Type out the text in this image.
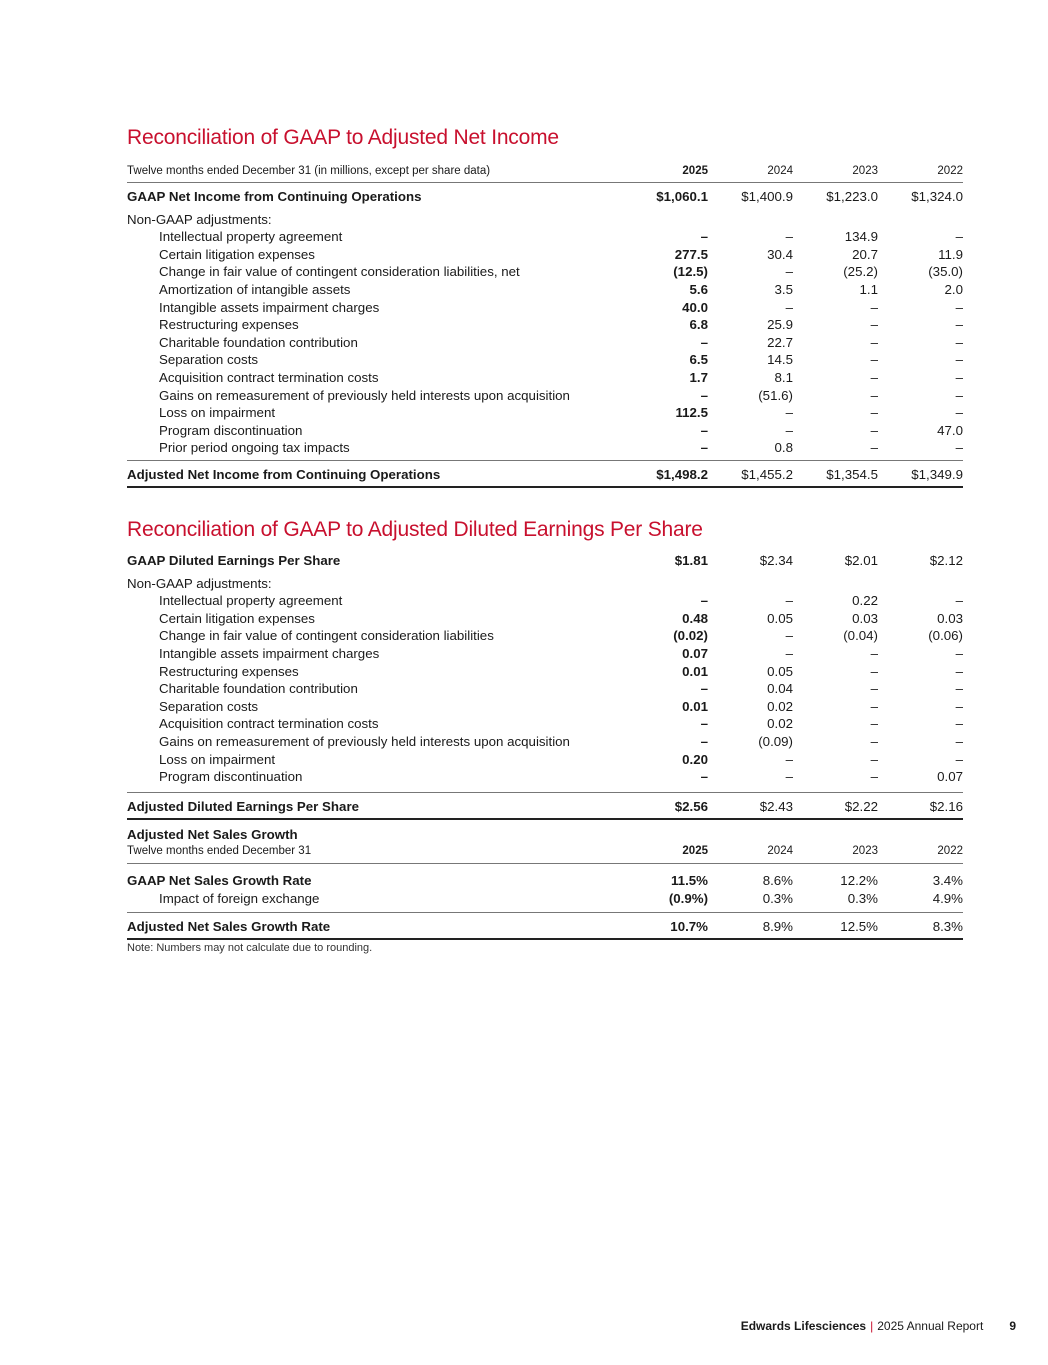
Reconciliation of GAAP to Adjusted Net Income
Twelve months ended December 31 (in millions, except per share data)	2025	2024	2023	2022
GAAP Net Income from Continuing Operations	$1,060.1	$1,400.9	$1,223.0	$1,324.0
Non-GAAP adjustments:
Intellectual property agreement	–	–	134.9	–
Certain litigation expenses	277.5	30.4	20.7	11.9
Change in fair value of contingent consideration liabilities, net	(12.5)	–	(25.2)	(35.0)
Amortization of intangible assets	5.6	3.5	1.1	2.0
Intangible assets impairment charges	40.0	–	–	–
Restructuring expenses	6.8	25.9	–	–
Charitable foundation contribution	–	22.7	–	–
Separation costs	6.5	14.5	–	–
Acquisition contract termination costs	1.7	8.1	–	–
Gains on remeasurement of previously held interests upon acquisition	–	(51.6)	–	–
Loss on impairment	112.5	–	–	–
Program discontinuation	–	–	–	47.0
Prior period ongoing tax impacts	–	0.8	–	–
Adjusted Net Income from Continuing Operations	$1,498.2	$1,455.2	$1,354.5	$1,349.9
Reconciliation of GAAP to Adjusted Diluted Earnings Per Share
GAAP Diluted Earnings Per Share	$1.81	$2.34	$2.01	$2.12
Non-GAAP adjustments:
Intellectual property agreement	–	–	0.22	–
Certain litigation expenses	0.48	0.05	0.03	0.03
Change in fair value of contingent consideration liabilities	(0.02)	–	(0.04)	(0.06)
Intangible assets impairment charges	0.07	–	–	–
Restructuring expenses	0.01	0.05	–	–
Charitable foundation contribution	–	0.04	–	–
Separation costs	0.01	0.02	–	–
Acquisition contract termination costs	–	0.02	–	–
Gains on remeasurement of previously held interests upon acquisition	–	(0.09)	–	–
Loss on impairment	0.20	–	–	–
Program discontinuation	–	–	–	0.07
Adjusted Diluted Earnings Per Share	$2.56	$2.43	$2.22	$2.16
Adjusted Net Sales Growth
Twelve months ended December 31	2025	2024	2023	2022
GAAP Net Sales Growth Rate	11.5%	8.6%	12.2%	3.4%
Impact of foreign exchange	(0.9%)	0.3%	0.3%	4.9%
Adjusted Net Sales Growth Rate	10.7%	8.9%	12.5%	8.3%
Note: Numbers may not calculate due to rounding.
Edwards Lifesciences | 2025 Annual Report 9
